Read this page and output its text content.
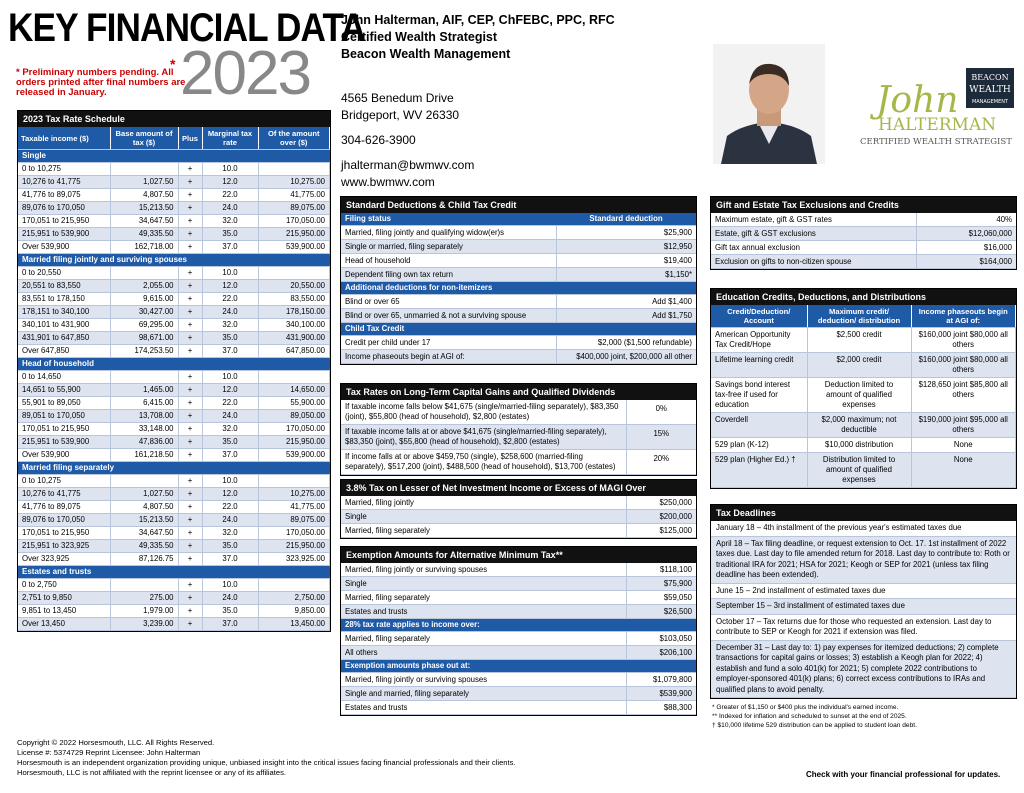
KEY FINANCIAL DATA
2023
*
* Preliminary numbers pending. All orders printed after final numbers are released in January.
John Halterman, AIF, CEP, ChFEBC, PPC, RFC
Certified Wealth Strategist
Beacon Wealth Management
4565 Benedum Drive
Bridgeport, WV 26330
304-626-3900
jhalterman@bwmwv.com
www.bwmwv.com
John
HALTERMAN
CERTIFIED WEALTH STRATEGIST
BEACON
WEALTH
MANAGEMENT
2023 Tax Rate Schedule
Taxable income ($)	Base amount of tax ($)	Plus	Marginal tax rate	Of the amount over ($)
Single				
0 to 10,275		+	10.0	
10,276 to 41,775	1,027.50	+	12.0	10,275.00
41,776 to 89,075	4,807.50	+	22.0	41,775.00
89,076 to 170,050	15,213.50	+	24.0	89,075.00
170,051 to 215,950	34,647.50	+	32.0	170,050.00
215,951 to 539,900	49,335.50	+	35.0	215,950.00
Over 539,900	162,718.00	+	37.0	539,900.00
Married filing jointly and surviving spouses				
0 to 20,550		+	10.0	
20,551 to 83,550	2,055.00	+	12.0	20,550.00
83,551 to 178,150	9,615.00	+	22.0	83,550.00
178,151 to 340,100	30,427.00	+	24.0	178,150.00
340,101 to 431,900	69,295.00	+	32.0	340,100.00
431,901 to 647,850	98,671.00	+	35.0	431,900.00
Over 647,850	174,253.50	+	37.0	647,850.00
Head of household				
0 to 14,650		+	10.0	
14,651 to 55,900	1,465.00	+	12.0	14,650.00
55,901 to 89,050	6,415.00	+	22.0	55,900.00
89,051 to 170,050	13,708.00	+	24.0	89,050.00
170,051 to 215,950	33,148.00	+	32.0	170,050.00
215,951 to 539,900	47,836.00	+	35.0	215,950.00
Over 539,900	161,218.50	+	37.0	539,900.00
Married filing separately				
0 to 10,275		+	10.0	
10,276 to 41,775	1,027.50	+	12.0	10,275.00
41,776 to 89,075	4,807.50	+	22.0	41,775.00
89,076 to 170,050	15,213.50	+	24.0	89,075.00
170,051 to 215,950	34,647.50	+	32.0	170,050.00
215,951 to 323,925	49,335.50	+	35.0	215,950.00
Over 323,925	87,126.75	+	37.0	323,925.00
Estates and trusts				
0 to 2,750		+	10.0	
2,751 to 9,850	275.00	+	24.0	2,750.00
9,851 to 13,450	1,979.00	+	35.0	9,850.00
Over 13,450	3,239.00	+	37.0	13,450.00
Standard Deductions & Child Tax Credit
Filing status	Standard deduction
Married, filing jointly and qualifying widow(er)s	$25,900
Single or married, filing separately	$12,950
Head of household	$19,400
Dependent filing own tax return	$1,150*
Additional deductions for non-itemizers	
Blind or over 65	Add $1,400
Blind or over 65, unmarried & not a surviving spouse	Add $1,750
Child Tax Credit	
Credit per child under 17	$2,000 ($1,500 refundable)
Income phaseouts begin at AGI of:	$400,000 joint, $200,000 all other
Tax Rates on Long-Term Capital Gains and Qualified Dividends
If taxable income falls below $41,675 (single/married-filing separately), $83,350 (joint), $55,800 (head of household), $2,800 (estates)	0%
If taxable income falls at or above $41,675 (single/married-filing separately), $83,350 (joint), $55,800 (head of household), $2,800 (estates)	15%
If income falls at or above $459,750 (single), $258,600 (married-filing separately), $517,200 (joint), $488,500 (head of household), $13,700 (estates)	20%
3.8% Tax on Lesser of Net Investment Income or Excess of MAGI Over
Married, filing jointly	$250,000
Single	$200,000
Married, filing separately	$125,000
Exemption Amounts for Alternative Minimum Tax**
Married, filing jointly or surviving spouses	$118,100
Single	$75,900
Married, filing separately	$59,050
Estates and trusts	$26,500
28% tax rate applies to income over:	
Married, filing separately	$103,050
All others	$206,100
Exemption amounts phase out at:	
Married, filing jointly or surviving spouses	$1,079,800
Single and married, filing separately	$539,900
Estates and trusts	$88,300
Gift and Estate Tax Exclusions and Credits
Maximum estate, gift & GST rates	40%
Estate, gift & GST exclusions	$12,060,000
Gift tax annual exclusion	$16,000
Exclusion on gifts to non-citizen spouse	$164,000
Education Credits, Deductions, and Distributions
Credit/Deduction/ Account	Maximum credit/ deduction/ distribution	Income phaseouts begin at AGI of:
American Opportunity Tax Credit/Hope	$2,500 credit	$160,000 joint $80,000 all others
Lifetime learning credit	$2,000 credit	$160,000 joint $80,000 all others
Savings bond interest tax-free if used for education	Deduction limited to amount of qualified expenses	$128,650 joint $85,800 all others
Coverdell	$2,000 maximum; not deductible	$190,000 joint $95,000 all others
529 plan (K-12)	$10,000 distribution	None
529 plan (Higher Ed.) †	Distribution limited to amount of qualified expenses	None
Tax Deadlines
January 18 – 4th installment of the previous year's estimated taxes due
April 18 – Tax filing deadline, or request extension to Oct. 17. 1st installment of 2022 taxes due. Last day to file amended return for 2018. Last day to contribute to: Roth or traditional IRA for 2021; HSA for 2021; Keogh or SEP for 2021 (unless tax filing deadline has been extended).
June 15 – 2nd installment of estimated taxes due
September 15 – 3rd installment of estimated taxes due
October 17 – Tax returns due for those who requested an extension. Last day to contribute to SEP or Keogh for 2021 if extension was filed.
December 31 – Last day to: 1) pay expenses for itemized deductions; 2) complete transactions for capital gains or losses; 3) establish a Keogh plan for 2022; 4) establish and fund a solo 401(k) for 2021; 5) complete 2022 contributions to employer-sponsored 401(k) plans; 6) correct excess contributions to IRAs and qualified plans to avoid penalty.
* Greater of $1,150 or $400 plus the individual's earned income.
** Indexed for inflation and scheduled to sunset at the end of 2025.
† $10,000 lifetime 529 distribution can be applied to student loan debt.
Copyright © 2022 Horsesmouth, LLC. All Rights Reserved.
License #: 5374729 Reprint Licensee: John Halterman
Horsesmouth is an independent organization providing unique, unbiased insight into the critical issues facing financial professionals and their clients.
Horsesmouth, LLC is not affiliated with the reprint licensee or any of its affiliates.	Check with your financial professional for updates.
